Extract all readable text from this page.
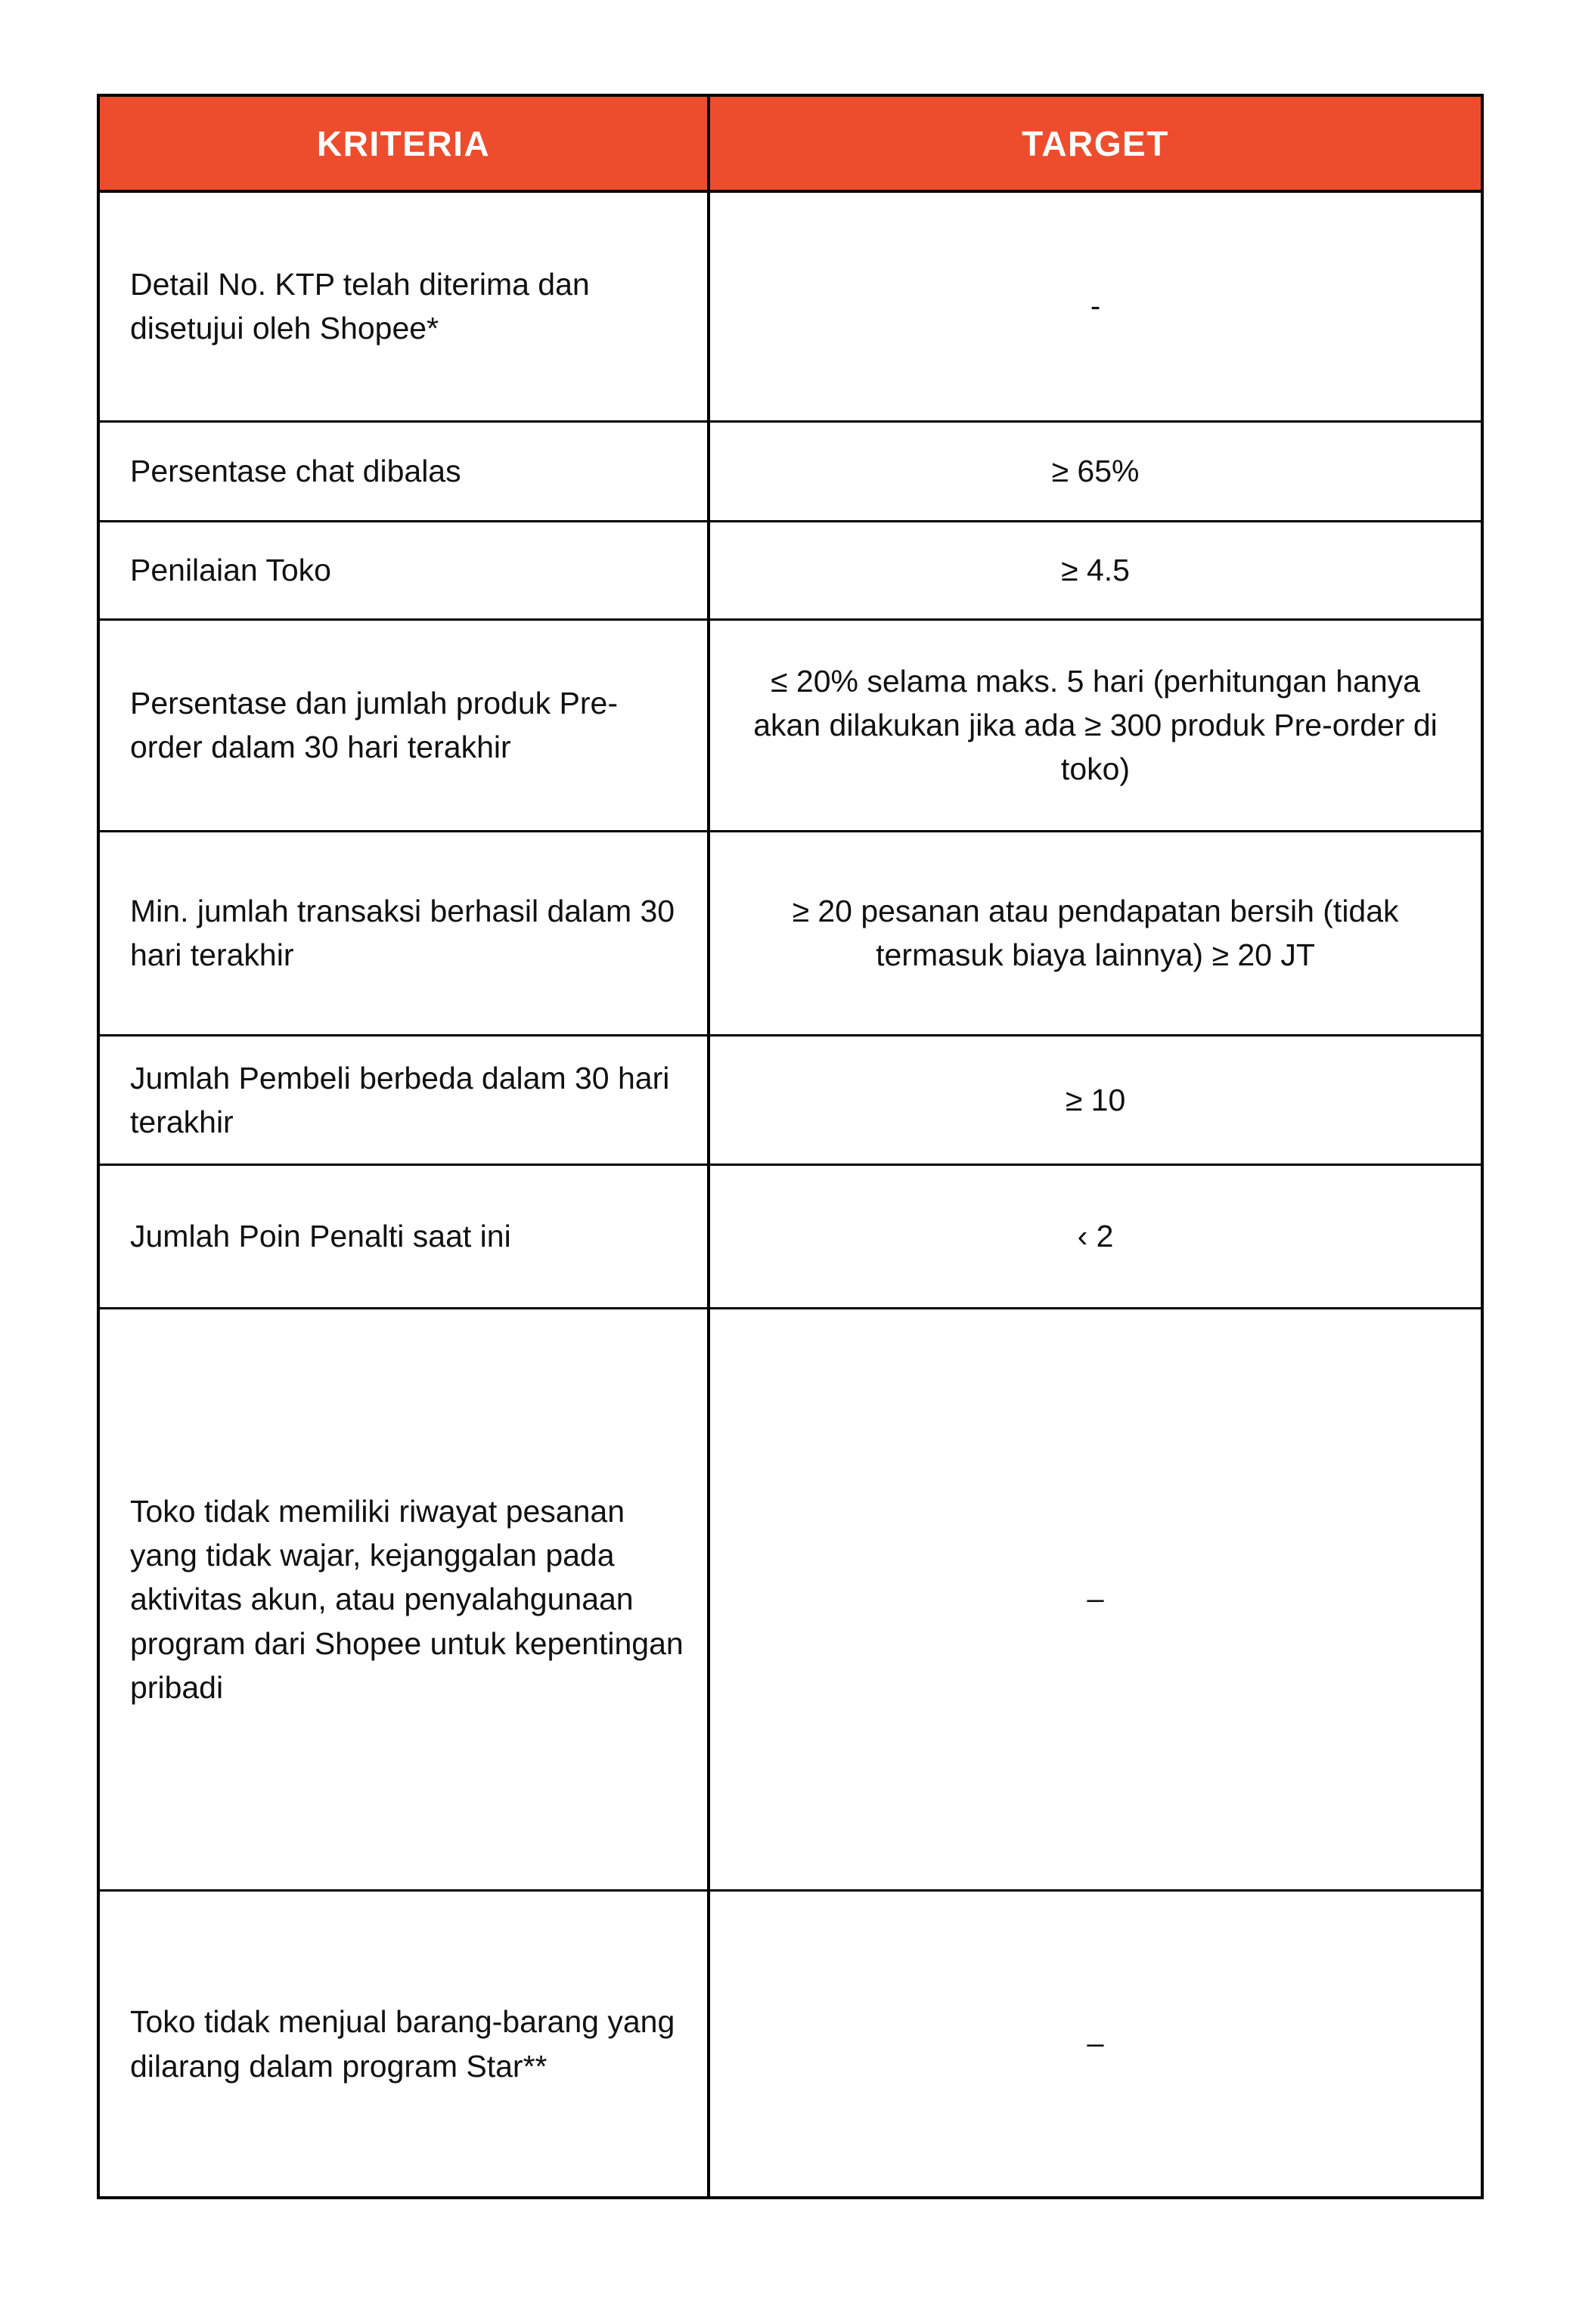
KRITERIA	TARGET
Detail No. KTP telah diterima dan disetujui oleh Shopee*	-
Persentase chat dibalas	≥ 65%
Penilaian Toko	≥ 4.5
Persentase dan jumlah produk Pre-order dalam 30 hari terakhir	≤ 20% selama maks. 5 hari (perhitungan hanya akan dilakukan jika ada ≥ 300 produk Pre-order di toko)
Min. jumlah transaksi berhasil dalam 30 hari terakhir	≥ 20 pesanan atau pendapatan bersih (tidak termasuk biaya lainnya) ≥ 20 JT
Jumlah Pembeli berbeda dalam 30 hari terakhir	≥ 10
Jumlah Poin Penalti saat ini	‹ 2
Toko tidak memiliki riwayat pesanan yang tidak wajar, kejanggalan pada aktivitas akun, atau penyalahgunaan program dari Shopee untuk kepentingan pribadi	–
Toko tidak menjual barang-barang yang dilarang dalam program Star**	–
